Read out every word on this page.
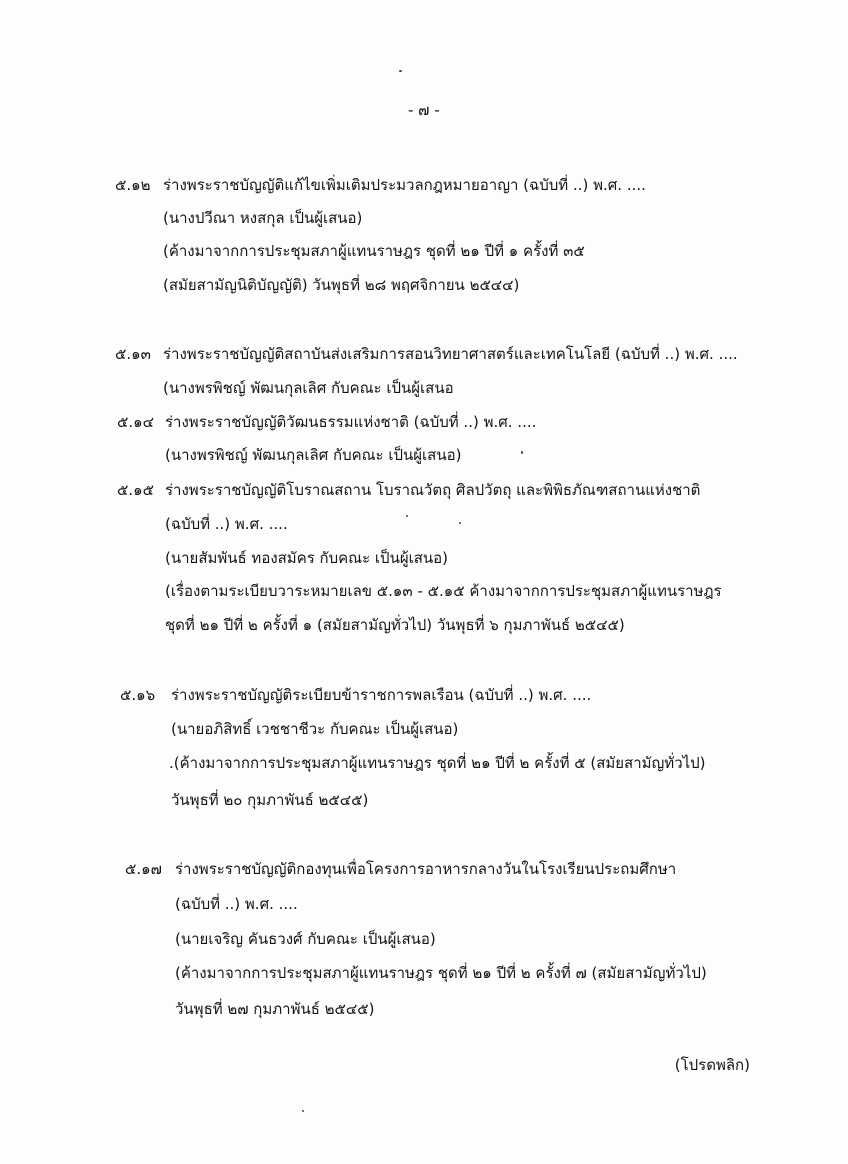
- ๗ -
๕.๑๒ ร่างพระราชบัญญัติแก้ไขเพิ่มเติมประมวลกฎหมายอาญา (ฉบับที่ ..) พ.ศ. ....
(นางปวีณา หงสกุล เป็นผู้เสนอ)
(ค้างมาจากการประชุมสภาผู้แทนราษฎร ชุดที่ ๒๑ ปีที่ ๑ ครั้งที่ ๓๕
(สมัยสามัญนิติบัญญัติ) วันพุธที่ ๒๘ พฤศจิกายน ๒๕๔๔)
๕.๑๓ ร่างพระราชบัญญัติสถาบันส่งเสริมการสอนวิทยาศาสตร์และเทคโนโลยี (ฉบับที่ ..) พ.ศ. ....
(นางพรพิชญ์ พัฒนกุลเลิศ กับคณะ เป็นผู้เสนอ
๕.๑๔ ร่างพระราชบัญญัติวัฒนธรรมแห่งชาติ (ฉบับที่ ..) พ.ศ. ....
(นางพรพิชญ์ พัฒนกุลเลิศ กับคณะ เป็นผู้เสนอ)
๕.๑๕ ร่างพระราชบัญญัติโบราณสถาน โบราณวัตถุ ศิลปวัตถุ และพิพิธภัณฑสถานแห่งชาติ
(ฉบับที่ ..) พ.ศ. ....
(นายสัมพันธ์ ทองสมัคร กับคณะ เป็นผู้เสนอ)
(เรื่องตามระเบียบวาระหมายเลข ๕.๑๓ - ๕.๑๕ ค้างมาจากการประชุมสภาผู้แทนราษฎร
ชุดที่ ๒๑ ปีที่ ๒ ครั้งที่ ๑ (สมัยสามัญทั่วไป) วันพุธที่ ๖ กุมภาพันธ์ ๒๕๔๕)
๕.๑๖ ร่างพระราชบัญญัติระเบียบข้าราชการพลเรือน (ฉบับที่ ..) พ.ศ. ....
(นายอภิสิทธิ์ เวชชาชีวะ กับคณะ เป็นผู้เสนอ)
.(ค้างมาจากการประชุมสภาผู้แทนราษฎร ชุดที่ ๒๑ ปีที่ ๒ ครั้งที่ ๕ (สมัยสามัญทั่วไป)
วันพุธที่ ๒๐ กุมภาพันธ์ ๒๕๔๕)
๕.๑๗ ร่างพระราชบัญญัติกองทุนเพื่อโครงการอาหารกลางวันในโรงเรียนประถมศึกษา
(ฉบับที่ ..) พ.ศ. ....
(นายเจริญ คันธวงศ์ กับคณะ เป็นผู้เสนอ)
(ค้างมาจากการประชุมสภาผู้แทนราษฎร ชุดที่ ๒๑ ปีที่ ๒ ครั้งที่ ๗ (สมัยสามัญทั่วไป)
วันพุธที่ ๒๗ กุมภาพันธ์ ๒๕๔๕)
(โปรดพลิก)
